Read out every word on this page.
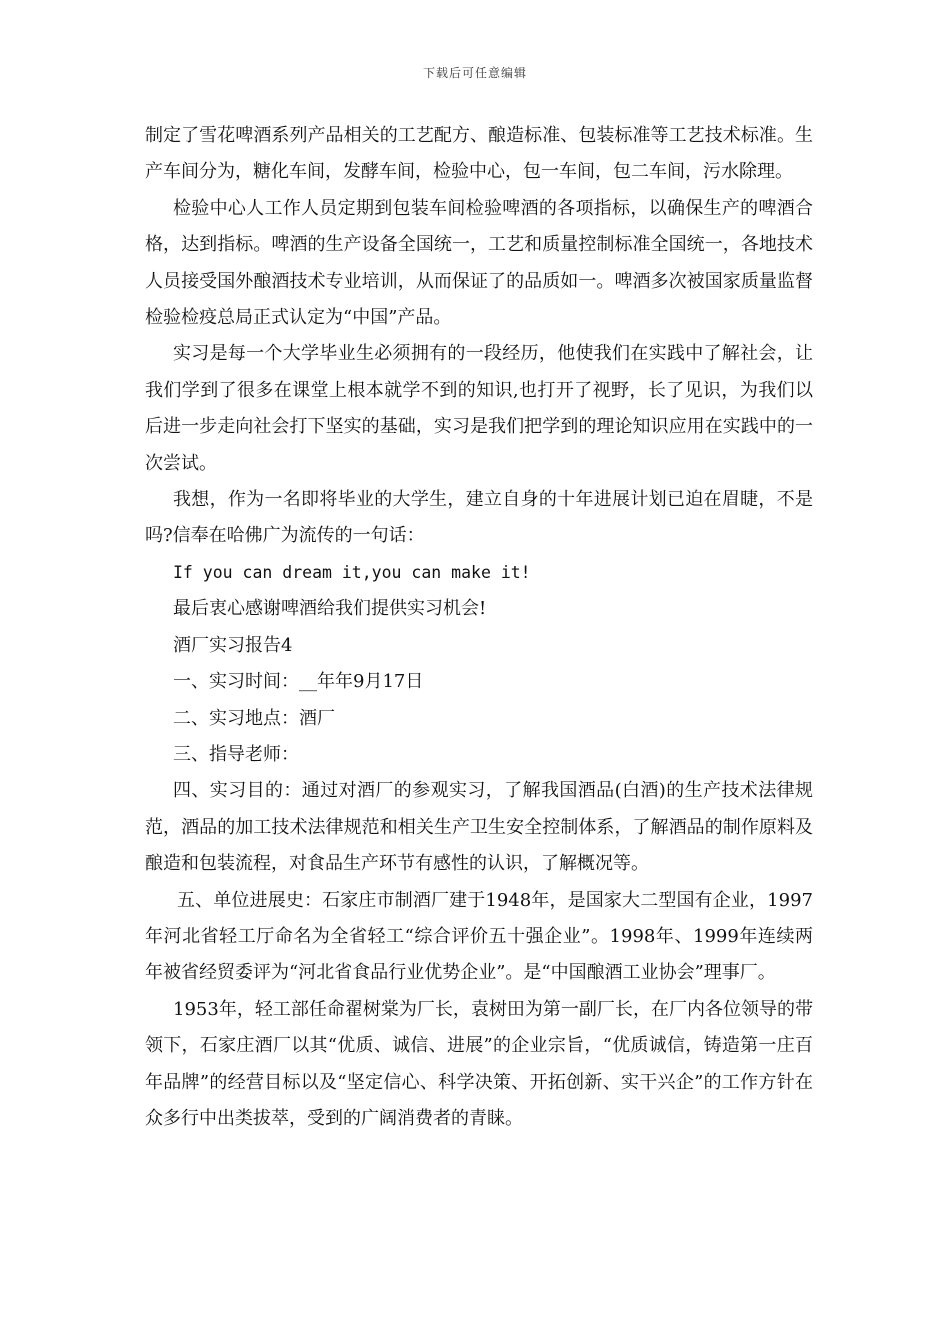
下载后可任意编辑

制定了雪花啤酒系列产品相关的工艺配方、酿造标准、包装标准等工艺技术标准。生产车间分为，糖化车间，发酵车间，检验中心，包一车间，包二车间，污水除理。

检验中心人工作人员定期到包装车间检验啤酒的各项指标，以确保生产的啤酒合格，达到指标。啤酒的生产设备全国统一，工艺和质量控制标准全国统一，各地技术人员接受国外酿酒技术专业培训，从而保证了的品质如一。啤酒多次被国家质量监督检验检疫总局正式认定为“中国”产品。

实习是每一个大学毕业生必须拥有的一段经历，他使我们在实践中了解社会，让我们学到了很多在课堂上根本就学不到的知识,也打开了视野，长了见识，为我们以后进一步走向社会打下坚实的基础，实习是我们把学到的理论知识应用在实践中的一次尝试。

我想，作为一名即将毕业的大学生，建立自身的十年进展计划已迫在眉睫，不是吗?信奉在哈佛广为流传的一句话：

If you can dream it,you can make it!

最后衷心感谢啤酒给我们提供实习机会!

酒厂实习报告4

一、实习时间：__年年9月17日

二、实习地点：酒厂

三、指导老师：

四、实习目的：通过对酒厂的参观实习，了解我国酒品(白酒)的生产技术法律规范，酒品的加工技术法律规范和相关生产卫生安全控制体系，了解酒品的制作原料及酿造和包装流程，对食品生产环节有感性的认识，了解概况等。

五、单位进展史：石家庄市制酒厂建于1948年，是国家大二型国有企业，1997年河北省轻工厅命名为全省轻工“综合评价五十强企业”。1998年、1999年连续两年被省经贸委评为“河北省食品行业优势企业”。是“中国酿酒工业协会”理事厂。

1953年，轻工部任命翟树棠为厂长，袁树田为第一副厂长，在厂内各位领导的带领下，石家庄酒厂以其“优质、诚信、进展”的企业宗旨，“优质诚信，铸造第一庄百年品牌”的经营目标以及“坚定信心、科学决策、开拓创新、实干兴企”的工作方针在众多行中出类拔萃，受到的广阔消费者的青睐。
